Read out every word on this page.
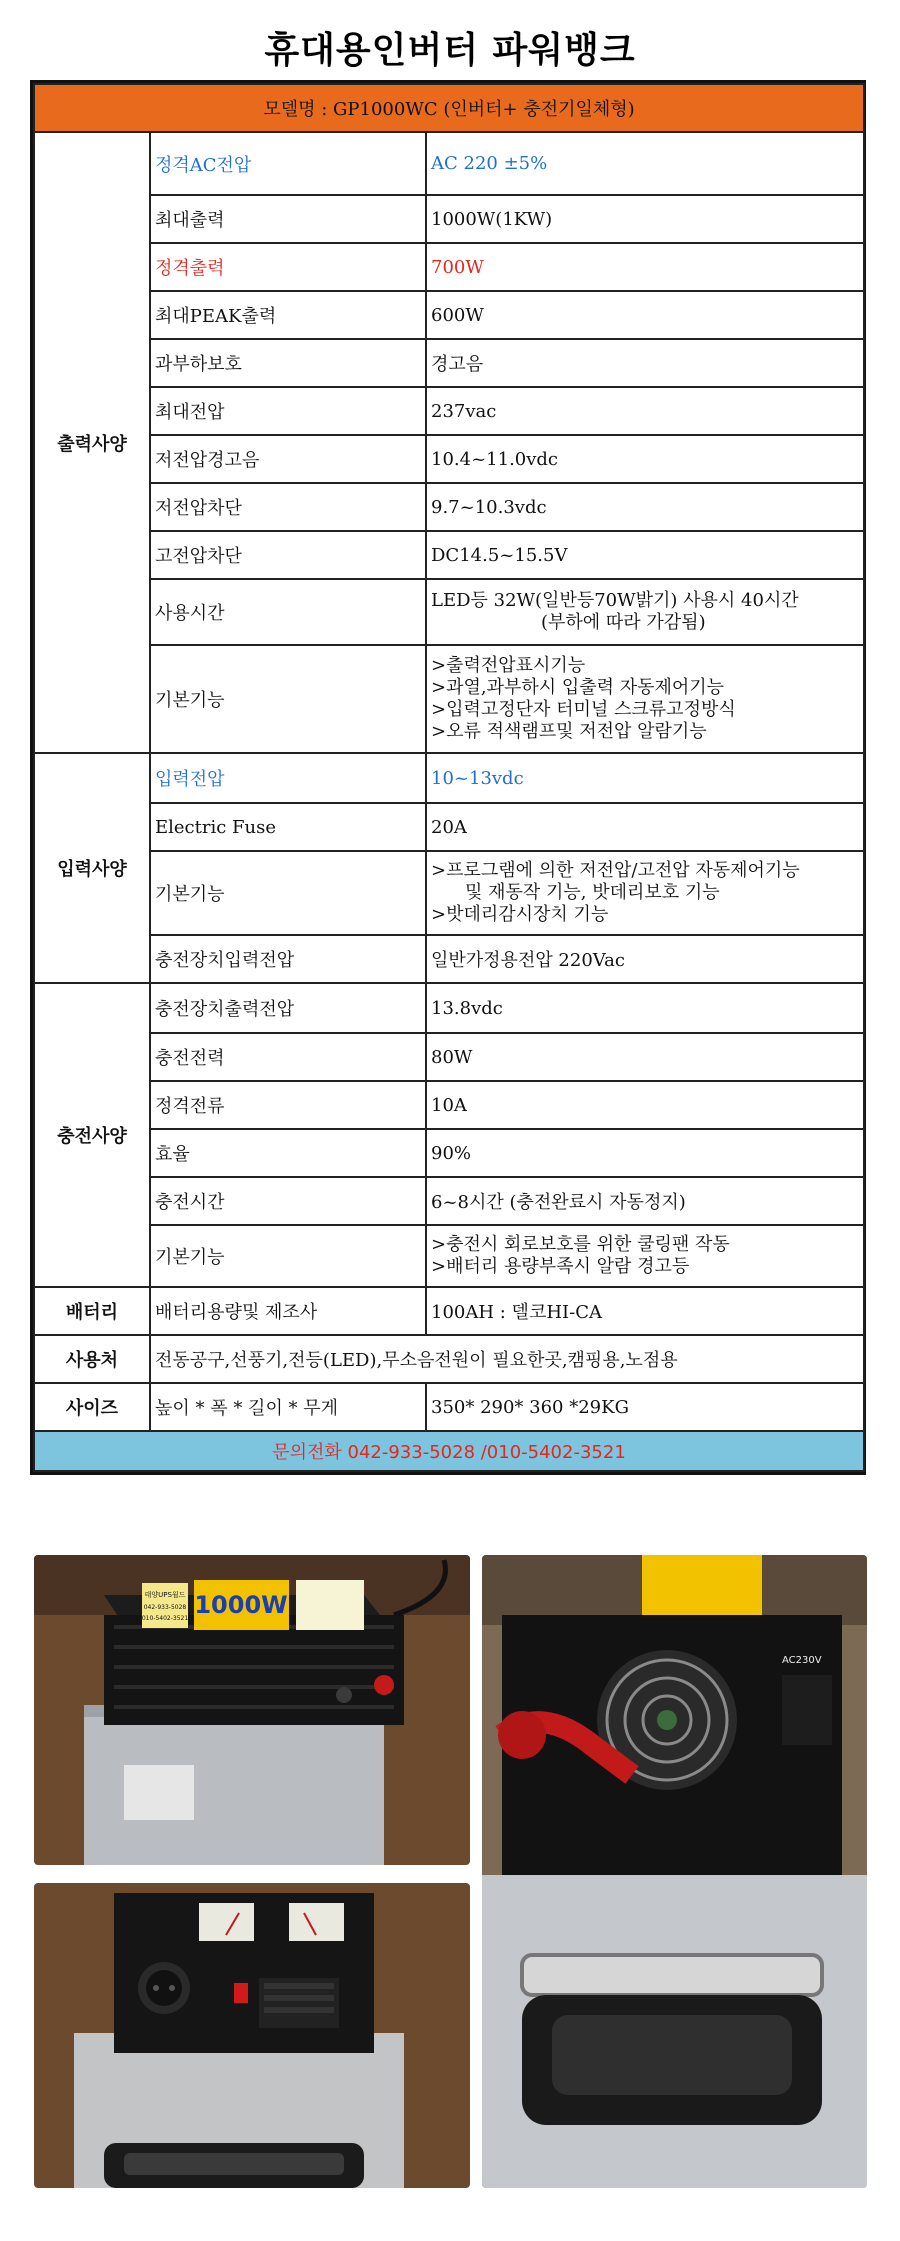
휴대용인버터 파워뱅크
모델명 : GP1000WC (인버터+ 충전기일체형)		
출력사양	정격AC전압	AC 220 ±5%
	최대출력	1000W(1KW)
	정격출력	700W
	최대PEAK출력	600W
	과부하보호	경고음
	최대전압	237vac
	저전압경고음	10.4~11.0vdc
	저전압차단	9.7~10.3vdc
	고전압차단	DC14.5~15.5V
	사용시간	LED등 32W(일반등70W밝기) 사용시 40시간
(부하에 따라 가감됨)

	기본기능	>출력전압표시기능
>과열,과부하시 입출력 자동제어기능
>입력고정단자 터미널 스크류고정방식
>오류 적색램프및 저전압 알람기능

입력사양	입력전압	10~13vdc
	Electric Fuse	20A
	기본기능	>프로그램에 의한 저전압/고전압 자동제어기능
및 재동작 기능, 밧데리보호 기능
>밧데리감시장치 기능

	충전장치입력전압	일반가정용전압 220Vac
충전사양	충전장치출력전압	13.8vdc
	충전전력	80W
	정격전류	10A
	효율	90%
	충전시간	6~8시간 (충전완료시 자동정지)
	기본기능	>충전시 회로보호를 위한 쿨링팬 작동
>배터리 용량부족시 알람 경고등

배터리	배터리용량및 제조사	100AH : 델코HI-CA
사용처	전동공구,선풍기,전등(LED),무소음전원이 필요한곳,캠핑용,노점용	
사이즈	높이 * 폭 * 길이 * 무게	350* 290* 360 *29KG
문의전화 042-933-5028 /010-5402-3521		
1000W
태양UPS월드
042-933-5028
010-5402-3521
AC230V
